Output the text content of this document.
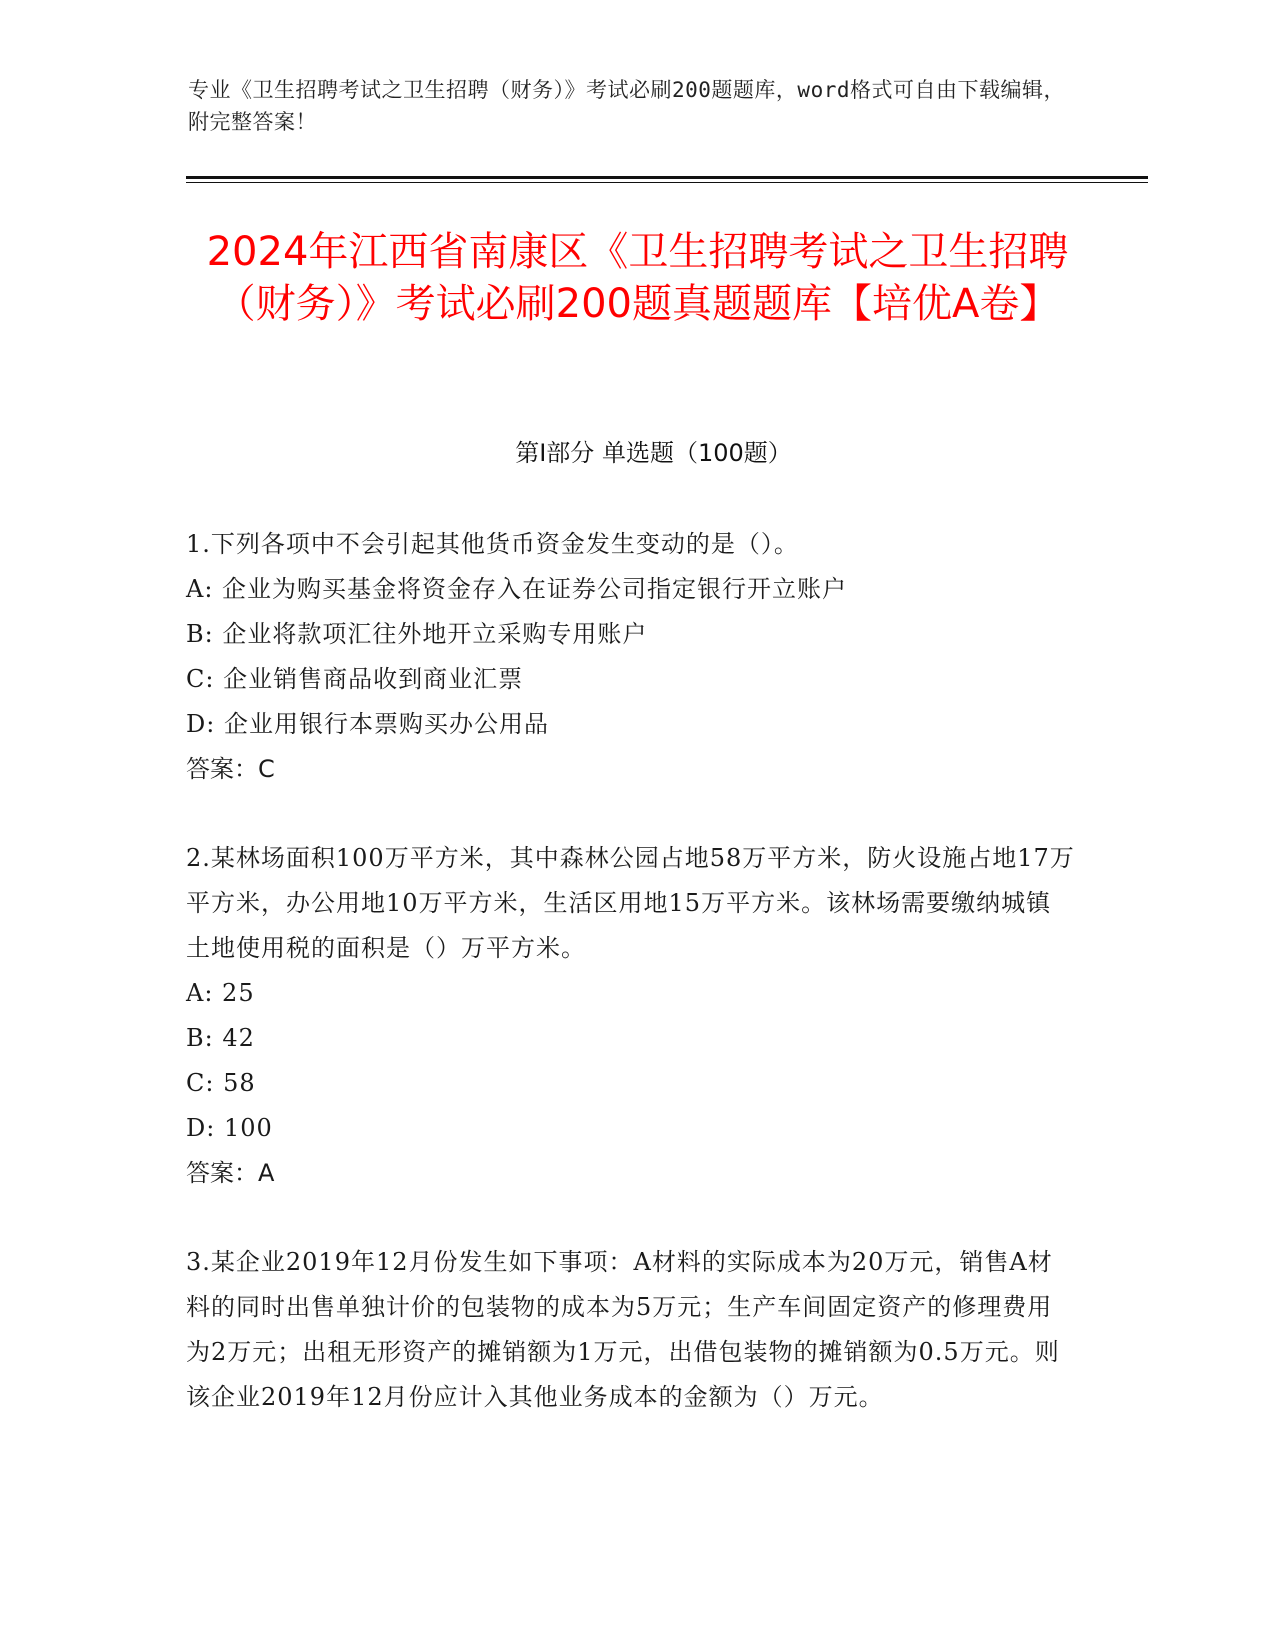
专业《卫生招聘考试之卫生招聘（财务）》考试必刷200题题库，word格式可自由下载编辑，附完整答案！
2024年江西省南康区《卫生招聘考试之卫生招聘（财务）》考试必刷200题真题题库【培优A卷】
第Ⅰ部分 单选题（100题）

1.下列各项中不会引起其他货币资金发生变动的是（）。

A: 企业为购买基金将资金存入在证券公司指定银行开立账户

B: 企业将款项汇往外地开立采购专用账户

C: 企业销售商品收到商业汇票

D: 企业用银行本票购买办公用品

答案：C

2.某林场面积100万平方米，其中森林公园占地58万平方米，防火设施占地17万平方米，办公用地10万平方米，生活区用地15万平方米。该林场需要缴纳城镇土地使用税的面积是（）万平方米。

A: 25

B: 42

C: 58

D: 100

答案：A

3.某企业2019年12月份发生如下事项：A材料的实际成本为20万元，销售A材料的同时出售单独计价的包装物的成本为5万元；生产车间固定资产的修理费用为2万元；出租无形资产的摊销额为1万元，出借包装物的摊销额为0.5万元。则该企业2019年12月份应计入其他业务成本的金额为（）万元。
